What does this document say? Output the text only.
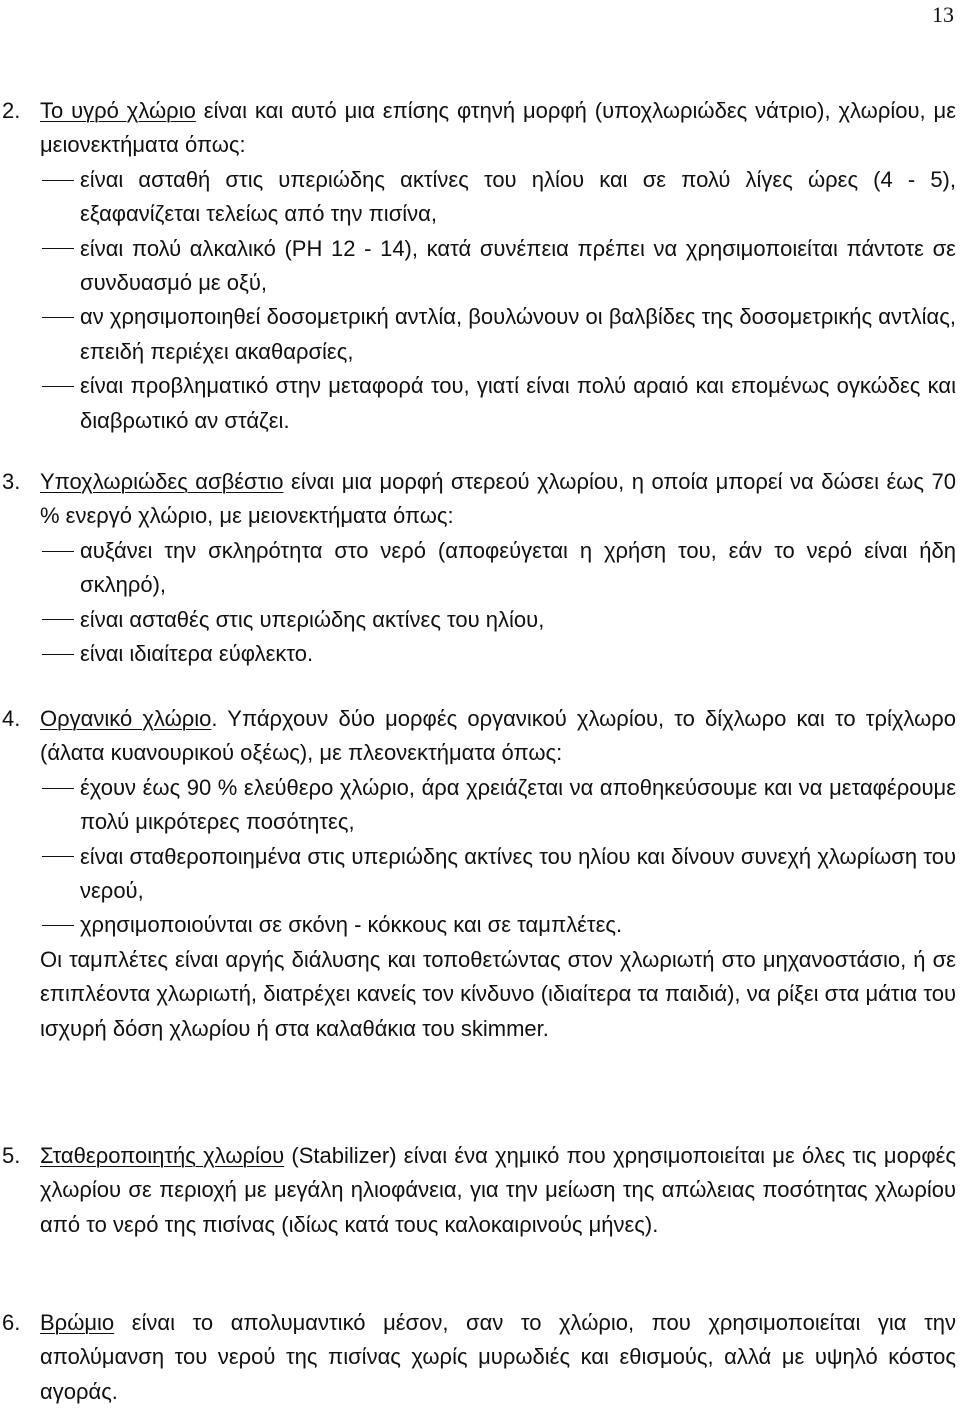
13
2. Το υγρό χλώριο είναι και αυτό μια επίσης φτηνή μορφή (υποχλωριώδες νάτριο), χλωρίου, με μειονεκτήματα όπως:

είναι ασταθή στις υπεριώδης ακτίνες του ηλίου και σε πολύ λίγες ώρες (4 - 5), εξαφανίζεται τελείως από την πισίνα,

είναι πολύ αλκαλικό (PH 12 - 14), κατά συνέπεια πρέπει να χρησιμοποιείται πάντοτε σε συνδυασμό με οξύ,

αν χρησιμοποιηθεί δοσομετρική αντλία, βουλώνουν οι βαλβίδες της δοσομετρικής αντλίας, επειδή περιέχει ακαθαρσίες,

είναι προβληματικό στην μεταφορά του, γιατί είναι πολύ αραιό και επομένως ογκώδες και διαβρωτικό αν στάζει.

3. Υποχλωριώδες ασβέστιο είναι μια μορφή στερεού χλωρίου, η οποία μπορεί να δώσει έως 70 % ενεργό χλώριο, με μειονεκτήματα όπως:

αυξάνει την σκληρότητα στο νερό (αποφεύγεται η χρήση του, εάν το νερό είναι ήδη σκληρό),

είναι ασταθές στις υπεριώδης ακτίνες του ηλίου,

είναι ιδιαίτερα εύφλεκτο.

4. Οργανικό χλώριο. Υπάρχουν δύο μορφές οργανικού χλωρίου, το δίχλωρο και το τρίχλωρο (άλατα κυανουρικού οξέως), με πλεονεκτήματα όπως:

έχουν έως 90 % ελεύθερο χλώριο, άρα χρειάζεται να αποθηκεύσουμε και να μεταφέρουμε πολύ μικρότερες ποσότητες,

είναι σταθεροποιημένα στις υπεριώδης ακτίνες του ηλίου και δίνουν συνεχή χλωρίωση του νερού,

χρησιμοποιούνται σε σκόνη - κόκκους και σε ταμπλέτες.

Οι ταμπλέτες είναι αργής διάλυσης και τοποθετώντας στον χλωριωτή στο μηχανοστάσιο, ή σε επιπλέοντα χλωριωτή, διατρέχει κανείς τον κίνδυνο (ιδιαίτερα τα παιδιά), να ρίξει στα μάτια του ισχυρή δόση χλωρίου ή στα καλαθάκια του skimmer.

5. Σταθεροποιητής χλωρίου (Stabilizer) είναι ένα χημικό που χρησιμοποιείται με όλες τις μορφές χλωρίου σε περιοχή με μεγάλη ηλιοφάνεια, για την μείωση της απώλειας ποσότητας χλωρίου από το νερό της πισίνας (ιδίως κατά τους καλοκαιρινούς μήνες).

6. Βρώμιο είναι το απολυμαντικό μέσον, σαν το χλώριο, που χρησιμοποιείται για την απολύμανση του νερού της πισίνας χωρίς μυρωδιές και εθισμούς, αλλά με υψηλό κόστος αγοράς.
